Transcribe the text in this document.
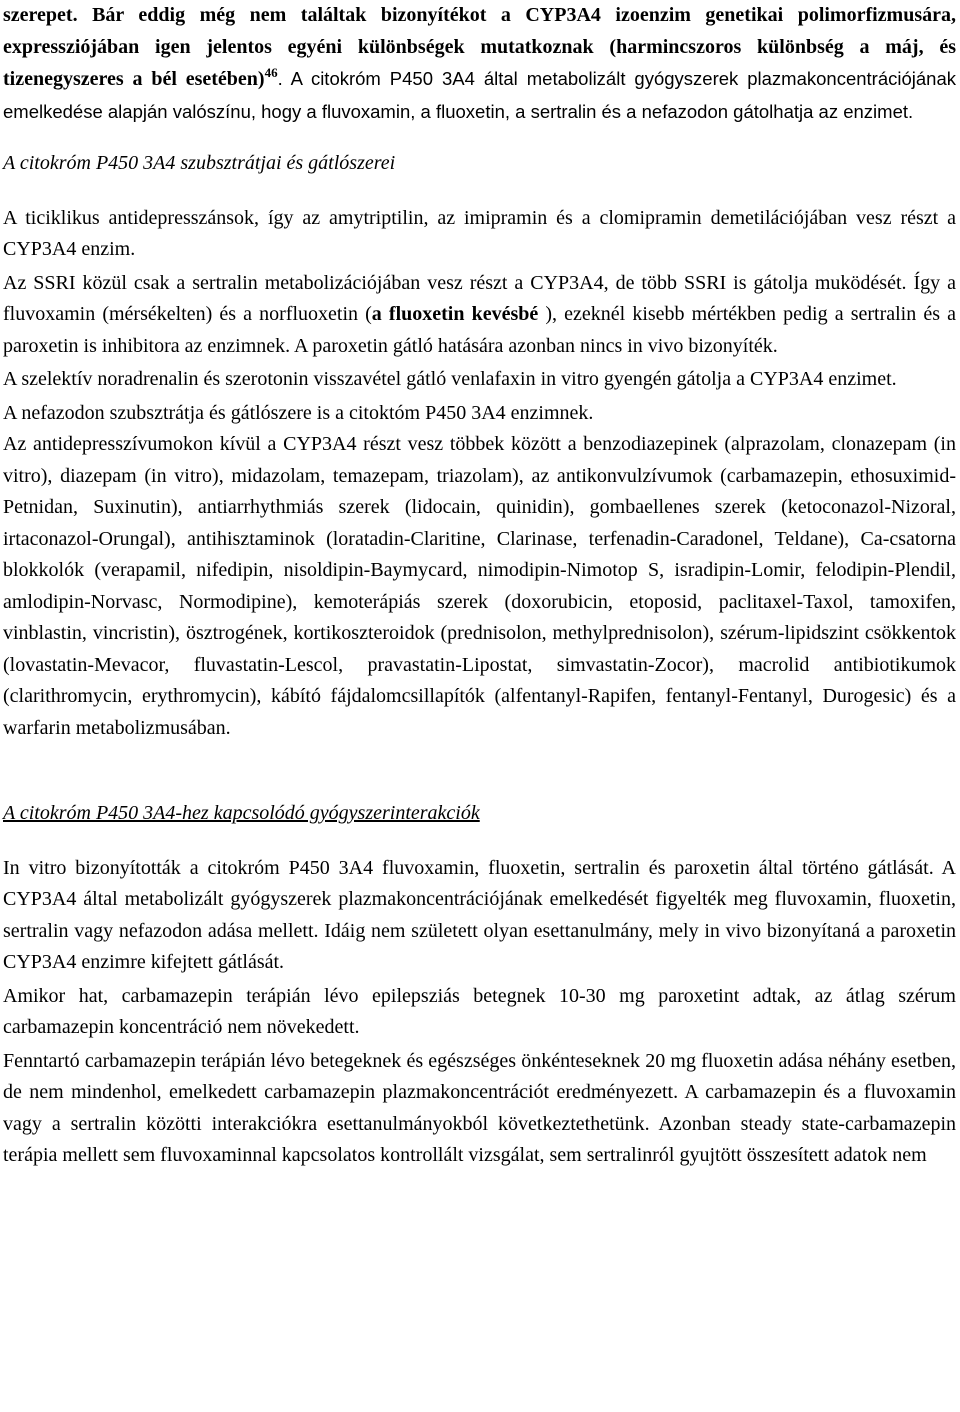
szerepet. Bár eddig még nem találtak bizonyítékot a CYP3A4 izoenzim genetikai polimorfizmusára, expressziójában igen jelentos egyéni különbségek mutatkoznak (harmincszoros különbség a máj, és tizenegyszeres a bél esetében)$^{46}$. A citokróm P450 3A4 által metabolizált gyógyszerek plazmakoncentrációjának emelkedése alapján valószínu, hogy a fluvoxamin, a fluoxetin, a sertralin és a nefazodon gátolhatja az enzimet.

A citokróm P450 3A4 szubsztrátjai és gátlószerei

A ticiklikus antidepresszánsok, így az amytriptilin, az imipramin és a clomipramin demetilációjában vesz részt a CYP3A4 enzim.

Az SSRI közül csak a sertralin metabolizációjában vesz részt a CYP3A4, de több SSRI is gátolja muködését. Így a fluvoxamin (mérsékelten) és a norfluoxetin (a fluoxetin kevésbé ), ezeknél kisebb mértékben pedig a sertralin és a paroxetin is inhibitora az enzimnek. A paroxetin gátló hatására azonban nincs in vivo bizonyíték.

A szelektív noradrenalin és szerotonin visszavétel gátló venlafaxin in vitro gyengén gátolja a CYP3A4 enzimet.

A nefazodon szubsztrátja és gátlószere is a citoktóm P450 3A4 enzimnek.

Az antidepresszívumokon kívül a CYP3A4 részt vesz többek között a benzodiazepinek (alprazolam, clonazepam (in vitro), diazepam (in vitro), midazolam, temazepam, triazolam), az antikonvulzívumok (carbamazepin, ethosuximid-Petnidan, Suxinutin), antiarrhythmiás szerek (lidocain, quinidin), gombaellenes szerek (ketoconazol-Nizoral, irtaconazol-Orungal), antihisztaminok (loratadin-Claritine, Clarinase, terfenadin-Caradonel, Teldane), Ca-csatorna blokkolók (verapamil, nifedipin, nisoldipin-Baymycard, nimodipin-Nimotop S, isradipin-Lomir, felodipin-Plendil, amlodipin-Norvasc, Normodipine), kemoterápiás szerek (doxorubicin, etoposid, paclitaxel-Taxol, tamoxifen, vinblastin, vincristin), ösztrogének, kortikoszteroidok (prednisolon, methylprednisolon), szérum-lipidszint csökkentok (lovastatin-Mevacor, fluvastatin-Lescol, pravastatin-Lipostat, simvastatin-Zocor), macrolid antibiotikumok (clarithromycin, erythromycin), kábító fájdalomcsillapítók (alfentanyl-Rapifen, fentanyl-Fentanyl, Durogesic) és a warfarin metabolizmusában.

A citokróm P450 3A4-hez kapcsolódó gyógyszerinterakciók

In vitro bizonyították a citokróm P450 3A4 fluvoxamin, fluoxetin, sertralin és paroxetin által történo gátlását. A CYP3A4 által metabolizált gyógyszerek plazmakoncentrációjának emelkedését figyelték meg fluvoxamin, fluoxetin, sertralin vagy nefazodon adása mellett. Idáig nem született olyan esettanulmány, mely in vivo bizonyítaná a paroxetin CYP3A4 enzimre kifejtett gátlását.

Amikor hat, carbamazepin terápián lévo epilepsziás betegnek 10-30 mg paroxetint adtak, az átlag szérum carbamazepin koncentráció nem növekedett.

Fenntartó carbamazepin terápián lévo betegeknek és egészséges önkénteseknek 20 mg fluoxetin adása néhány esetben, de nem mindenhol, emelkedett carbamazepin plazmakoncentrációt eredményezett. A carbamazepin és a fluvoxamin vagy a sertralin közötti interakciókra esettanulmányokból következtethetünk. Azonban steady state-carbamazepin terápia mellett sem fluvoxaminnal kapcsolatos kontrollált vizsgálat, sem sertralinról gyujtött összesített adatok nem
